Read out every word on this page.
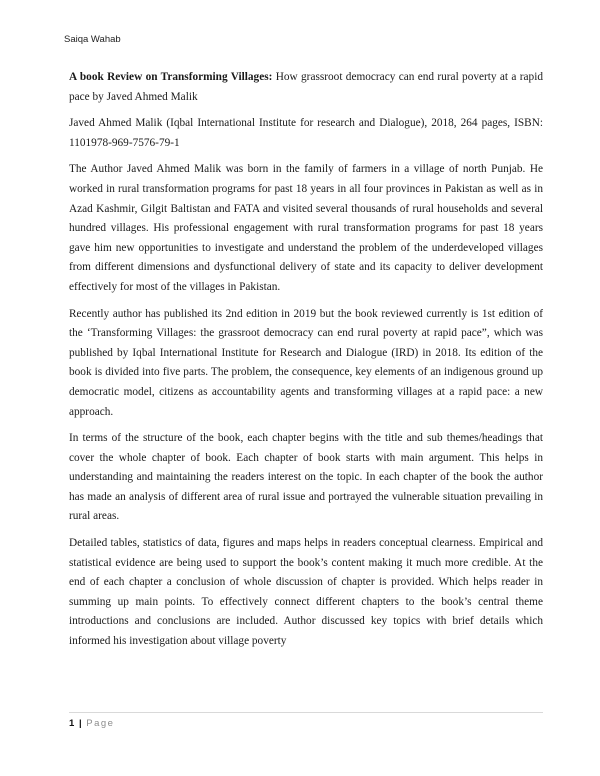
Saiqa Wahab

A book Review on Transforming Villages: How grassroot democracy can end rural poverty at a rapid pace by Javed Ahmed Malik

Javed Ahmed Malik (Iqbal International Institute for research and Dialogue), 2018, 264 pages, ISBN: 1101978-969-7576-79-1

The Author Javed Ahmed Malik was born in the family of farmers in a village of north Punjab. He worked in rural transformation programs for past 18 years in all four provinces in Pakistan as well as in Azad Kashmir, Gilgit Baltistan and FATA and visited several thousands of rural households and several hundred villages. His professional engagement with rural transformation programs for past 18 years gave him new opportunities to investigate and understand the problem of the underdeveloped villages from different dimensions and dysfunctional delivery of state and its capacity to deliver development effectively for most of the villages in Pakistan.

Recently author has published its 2nd edition in 2019 but the book reviewed currently is 1st edition of the ‘Transforming Villages: the grassroot democracy can end rural poverty at rapid pace”, which was published by Iqbal International Institute for Research and Dialogue (IRD) in 2018. Its edition of the book is divided into five parts. The problem, the consequence, key elements of an indigenous ground up democratic model, citizens as accountability agents and transforming villages at a rapid pace: a new approach.

In terms of the structure of the book, each chapter begins with the title and sub themes/headings that cover the whole chapter of book. Each chapter of book starts with main argument. This helps in understanding and maintaining the readers interest on the topic. In each chapter of the book the author has made an analysis of different area of rural issue and portrayed the vulnerable situation prevailing in rural areas.

Detailed tables, statistics of data, figures and maps helps in readers conceptual clearness. Empirical and statistical evidence are being used to support the book’s content making it much more credible. At the end of each chapter a conclusion of whole discussion of chapter is provided. Which helps reader in summing up main points. To effectively connect different chapters to the book’s central theme introductions and conclusions are included. Author discussed key topics with brief details which informed his investigation about village poverty

1 | Page
